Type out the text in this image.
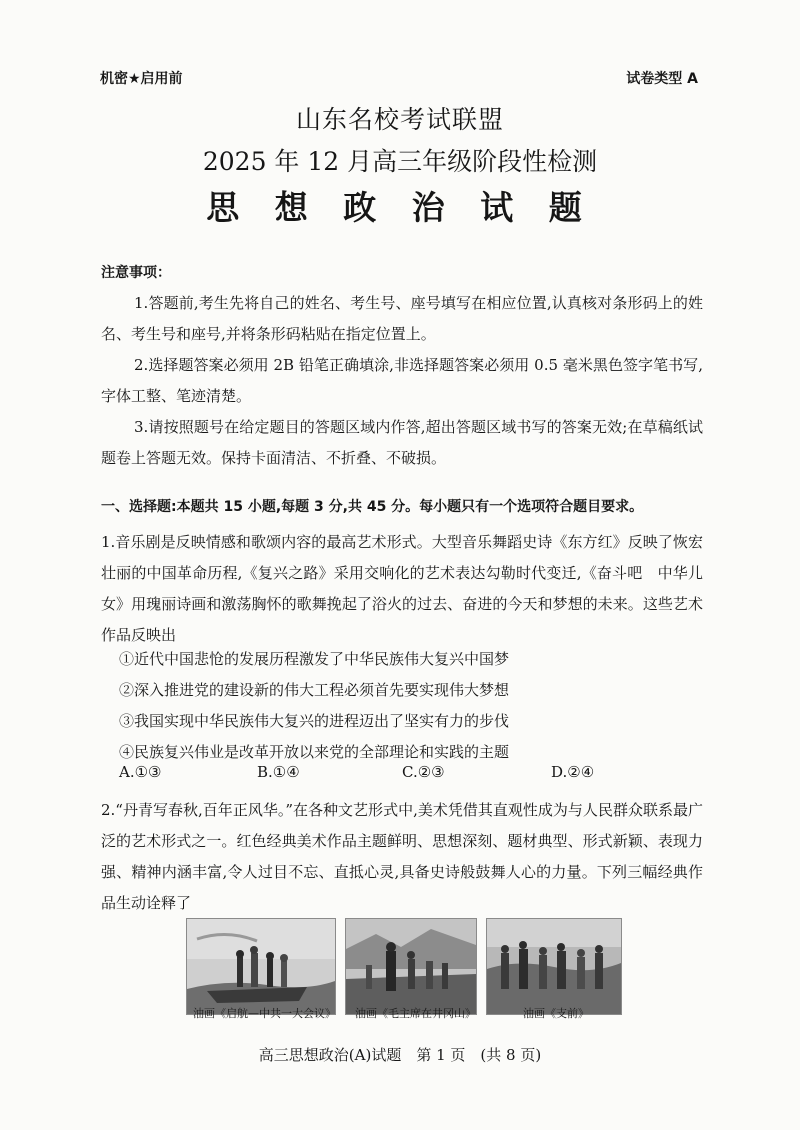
机密★启用前	试卷类型 A
山东名校考试联盟
2025 年 12 月高三年级阶段性检测
思 想 政 治 试 题
注意事项：
1.答题前,考生先将自己的姓名、考生号、座号填写在相应位置,认真核对条形码上的姓名、考生号和座号,并将条形码粘贴在指定位置上。
2.选择题答案必须用 2B 铅笔正确填涂,非选择题答案必须用 0.5 毫米黑色签字笔书写,字体工整、笔迹清楚。
3.请按照题号在给定题目的答题区域内作答,超出答题区域书写的答案无效;在草稿纸试题卷上答题无效。保持卡面清洁、不折叠、不破损。
一、选择题:本题共 15 小题,每题 3 分,共 45 分。每小题只有一个选项符合题目要求。
1.音乐剧是反映情感和歌颂内容的最高艺术形式。大型音乐舞蹈史诗《东方红》反映了恢宏壮丽的中国革命历程,《复兴之路》采用交响化的艺术表达勾勒时代变迁,《奋斗吧　中华儿女》用瑰丽诗画和激荡胸怀的歌舞挽起了浴火的过去、奋进的今天和梦想的未来。这些艺术作品反映出
①近代中国悲怆的发展历程激发了中华民族伟大复兴中国梦
②深入推进党的建设新的伟大工程必须首先要实现伟大梦想
③我国实现中华民族伟大复兴的进程迈出了坚实有力的步伐
④民族复兴伟业是改革开放以来党的全部理论和实践的主题
A.①③	B.①④	C.②③	D.②④
2.“丹青写春秋,百年正风华。”在各种文艺形式中,美术凭借其直观性成为与人民群众联系最广泛的艺术形式之一。红色经典美术作品主题鲜明、思想深刻、题材典型、形式新颖、表现力强、精神内涵丰富,令人过目不忘、直抵心灵,具备史诗般鼓舞人心的力量。下列三幅经典作品生动诠释了
油画《启航—中共一大会议》 油画《毛主席在井冈山》	油画《支前》
高三思想政治(A)试题　第 1 页　(共 8 页)
